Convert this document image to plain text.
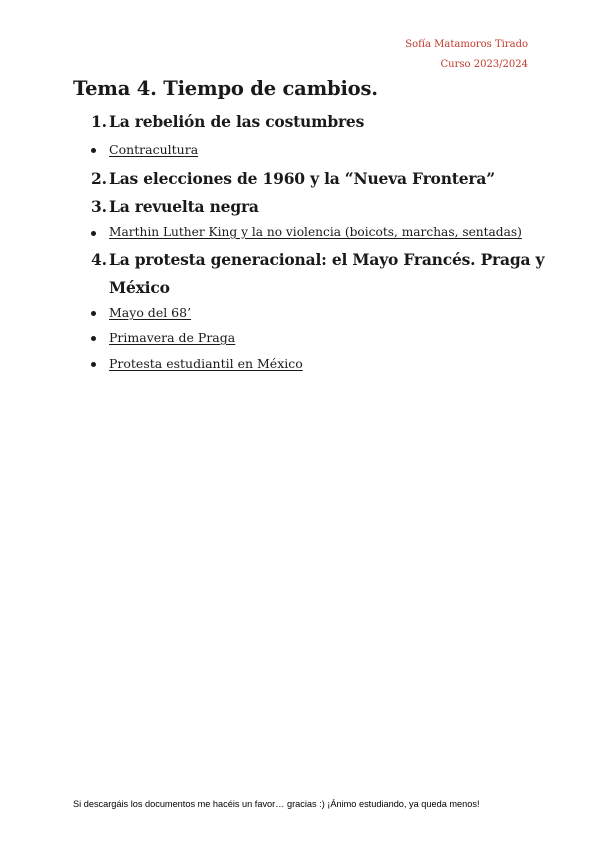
Sofía Matamoros Tirado
Curso 2023/2024
Tema 4. Tiempo de cambios.
1. La rebelión de las costumbres
Contracultura
2. Las elecciones de 1960 y la “Nueva Frontera”
3. La revuelta negra
Marthin Luther King y la no violencia (boicots, marchas, sentadas)
4. La protesta generacional: el Mayo Francés. Praga y
México
Mayo del 68’
Primavera de Praga
Protesta estudiantil en México
Si descargáis los documentos me hacéis un favor… gracias :) ¡Ánimo estudiando, ya queda menos!
